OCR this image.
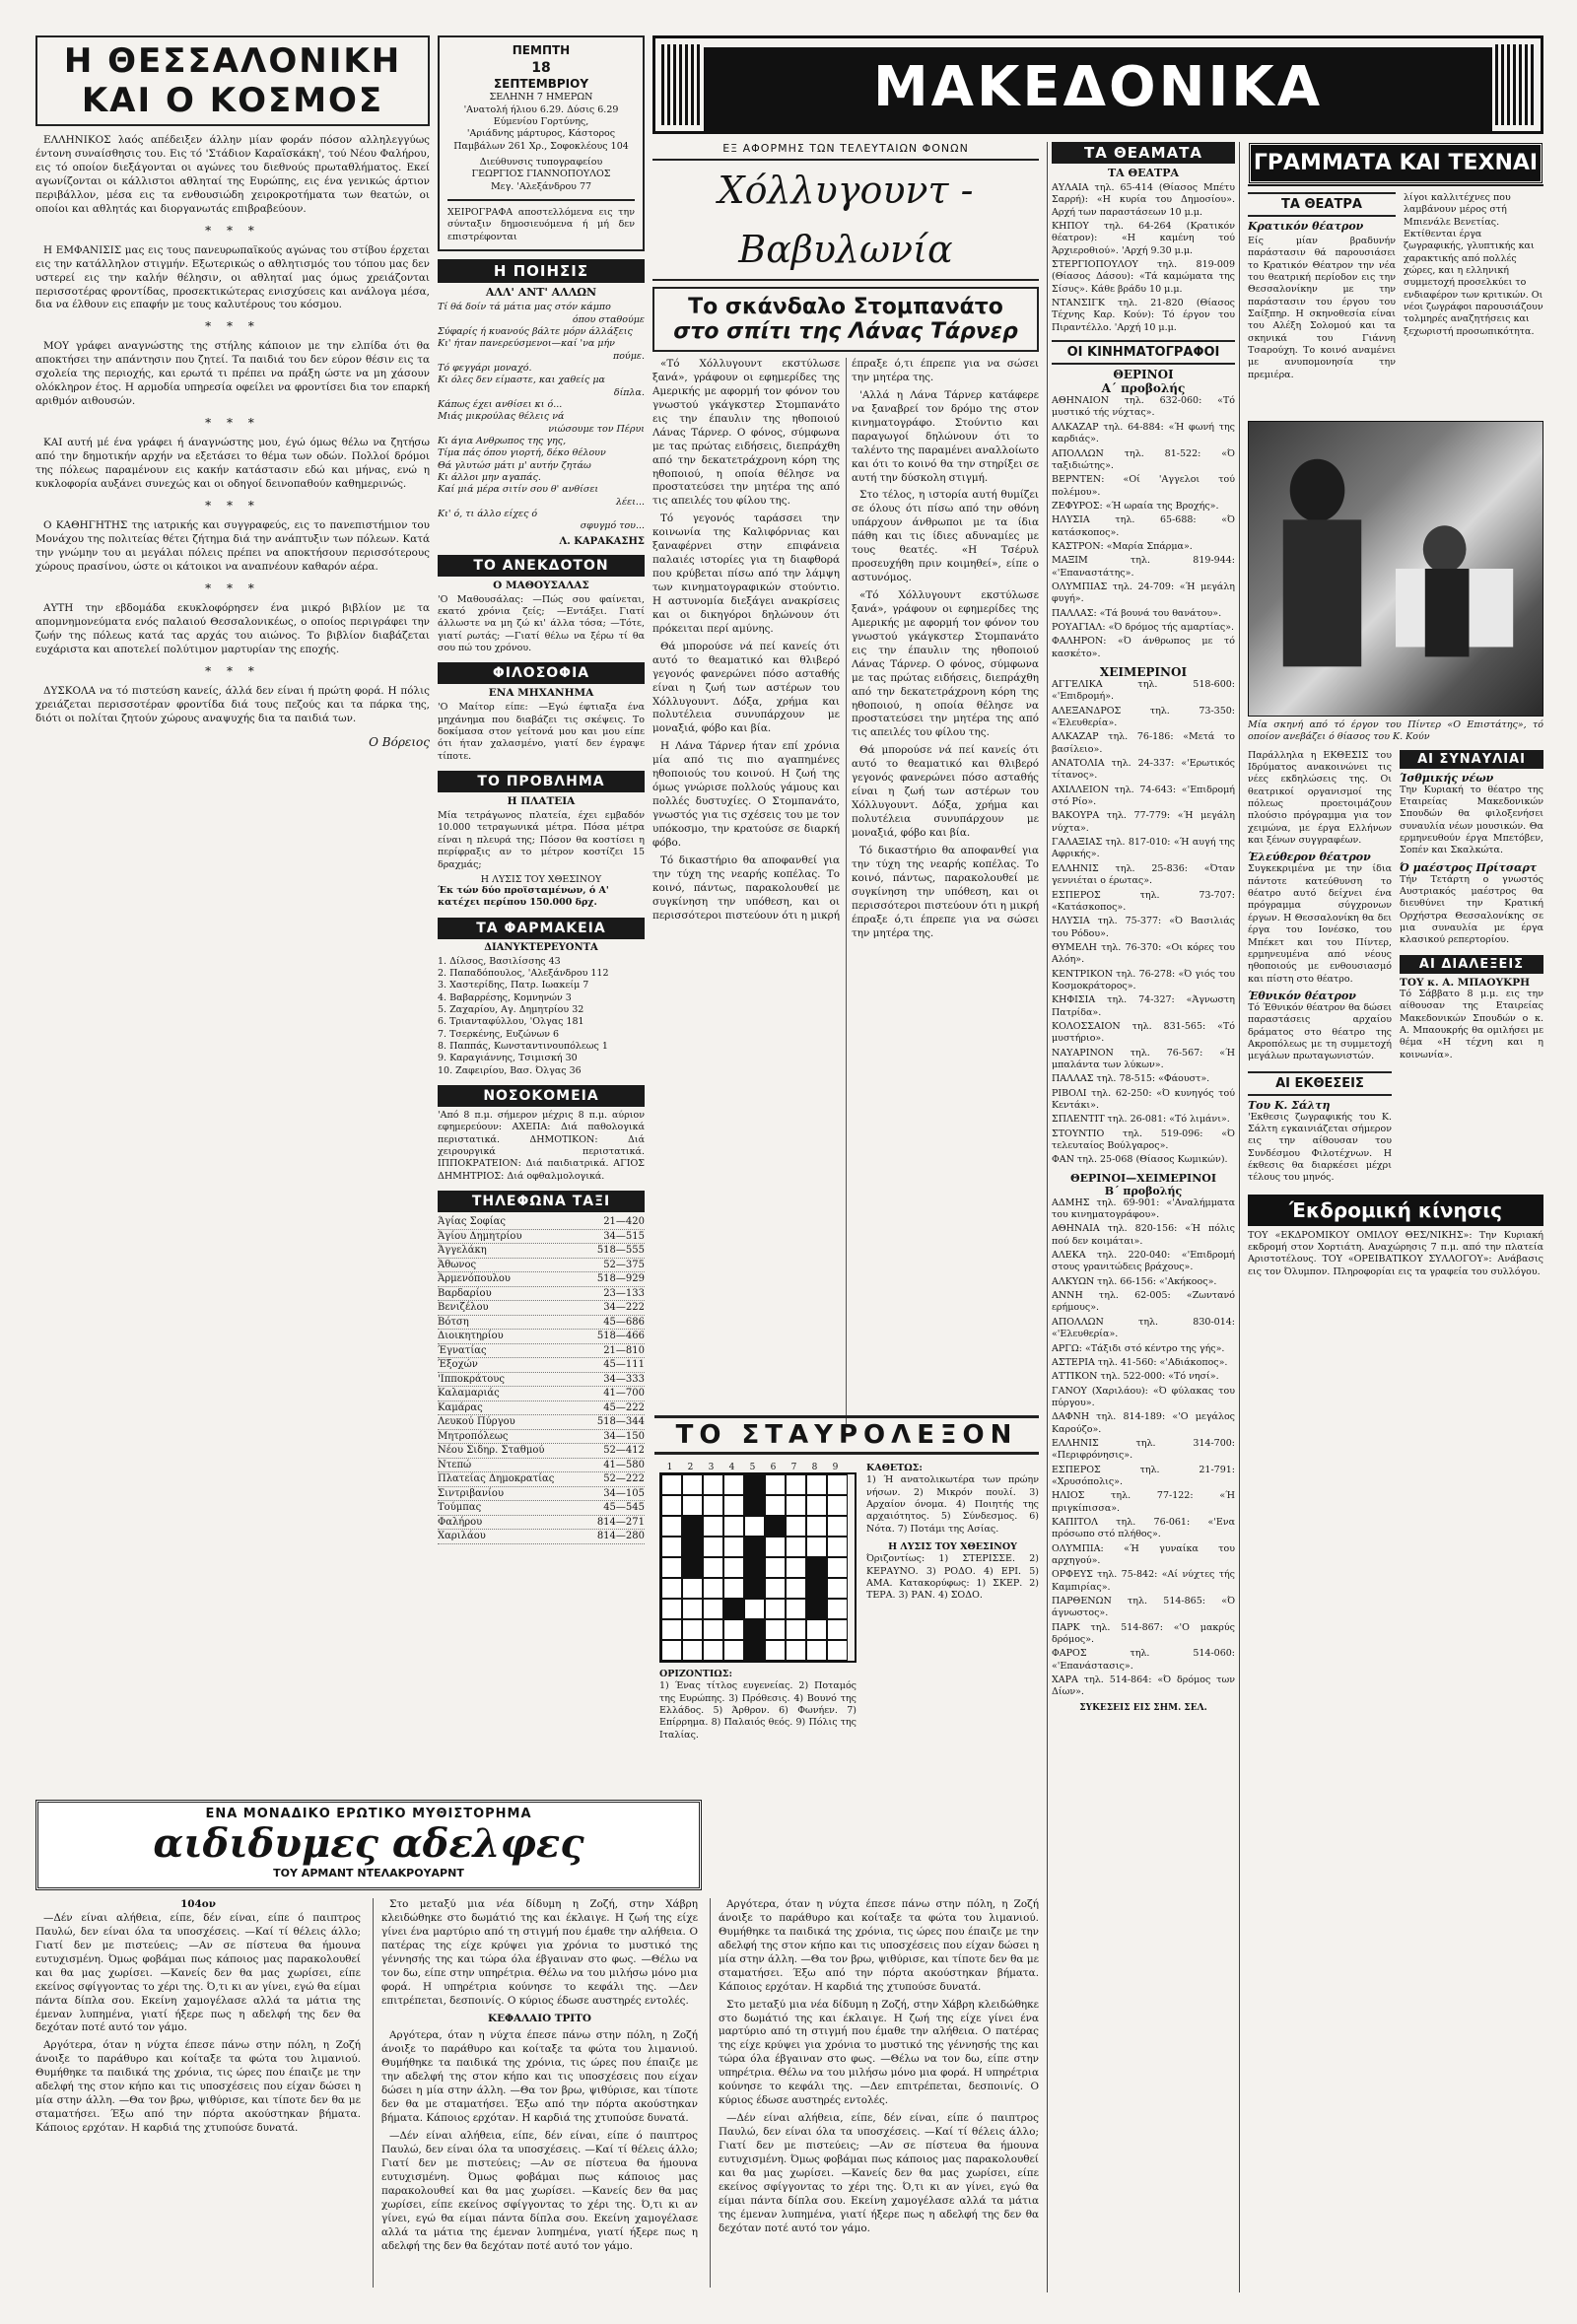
Η ΘΕΣΣΑΛΟΝΙΚΗ
ΚΑΙ Ο ΚΟΣΜΟΣ

ΕΛΛΗΝΙΚΟΣ λαός απέδειξεν άλλην μίαν φοράν πόσον αλληλεγγύως έντονη συναίσθησις του. Εις τό 'Στάδιον Καραϊσκάκη', τού Νέου Φαλήρου, εις τό οποίον διεξάγονται οι αγώνες του διεθνούς πρωταθλήματος. Εκεί αγωνίζονται οι κάλλιστοι αθληταί της Ευρώπης, εις ένα γενικώς άρτιον περιβάλλον, μέσα εις τα ενθουσιώδη χειροκροτήματα των θεατών, οι οποίοι και αθλητάς και διοργανωτάς επιβραβεύουν.

* * *

Η ΕΜΦΑΝΙΣΙΣ μας εις τους πανευρωπαϊκούς αγώνας του στίβου έρχεται εις την κατάλληλον στιγμήν. Εξωτερικώς ο αθλητισμός του τόπου μας δεν υστερεί εις την καλήν θέλησιν, οι αθληταί μας όμως χρειάζονται περισσοτέρας φροντίδας, προσεκτικώτερας ενισχύσεις και ανάλογα μέσα, δια να έλθουν εις επαφήν με τους καλυτέρους του κόσμου.

* * *

ΜΟΥ γράφει αναγνώστης της στήλης κάποιον με την ελπίδα ότι θα αποκτήσει την απάντησιν που ζητεί. Τα παιδιά του δεν εύρον θέσιν εις τα σχολεία της περιοχής, και ερωτά τι πρέπει να πράξη ώστε να μη χάσουν ολόκληρον έτος. Η αρμοδία υπηρεσία οφείλει να φροντίσει δια τον επαρκή αριθμόν αιθουσών.

* * *

ΚΑΙ αυτή μέ ένα γράφει ή άναγνώστης μου, έγώ όμως θέλω να ζητήσω από την δημοτικήν αρχήν να εξετάσει το θέμα των οδών. Πολλοί δρόμοι της πόλεως παραμένουν εις κακήν κατάστασιν εδώ και μήνας, ενώ η κυκλοφορία αυξάνει συνεχώς και οι οδηγοί δεινοπαθούν καθημερινώς.

* * *

Ο ΚΑΘΗΓΗΤΗΣ της ιατρικής και συγγραφεύς, εις το πανεπιστήμιον του Μονάχου της πολιτείας θέτει ζήτημα διά την ανάπτυξιν των πόλεων. Κατά την γνώμην του αι μεγάλαι πόλεις πρέπει να αποκτήσουν περισσότερους χώρους πρασίνου, ώστε οι κάτοικοι να αναπνέουν καθαρόν αέρα.

* * *

ΑΥΤΗ την εβδομάδα εκυκλοφόρησεν ένα μικρό βιβλίον με τα απομνημονεύματα ενός παλαιού Θεσσαλονικέως, ο οποίος περιγράφει την ζωήν της πόλεως κατά τας αρχάς του αιώνος. Το βιβλίον διαβάζεται ευχάριστα και αποτελεί πολύτιμον μαρτυρίαν της εποχής.

* * *

ΔΥΣΚΟΛΑ να τό πιστεύση κανείς, άλλά δεν είναι ή πρώτη φορά. Η πόλις χρειάζεται περισσοτέραν φροντίδα διά τους πεζούς και τα πάρκα της, διότι οι πολίται ζητούν χώρους αναψυχής δια τα παιδιά των.

Ο Βόρειος
ΠΕΜΠΤΗ
18
ΣΕΠΤΕΜΒΡΙΟΥ
ΣΕΛΗΝΗ 7 ΗΜΕΡΩΝ
'Ανατολή ήλιου 6.29. Δύσις 6.29
Εύμενίου Γορτύνης,
'Αριάδνης μάρτυρος, Κάστορος
Παμβάλων 261 Χρ., Σοφοκλέους 104
Διεύθυνσις τυπογραφείου
ΓΕΩΡΓΙΟΣ ΓΙΑΝΝΟΠΟΥΛΟΣ
Μεγ. 'Αλεξάνδρου 77
ΧΕΙΡΟΓΡΑΦΑ αποστελλόμενα εις την σύνταξιν δημοσιευόμενα ή μή δεν επιστρέφονται
Η ΠΟΙΗΣΙΣ
ΑΛΛ' ΑΝΤ' ΑΛΛΩΝ
Τί θά δοίν τά μάτια μας στόν κάμπο
όπου σταθούμε
Σύφαρίς ή κυανούς βάλτε μόρν άλλάξεις
Κι' ήταν πανερεύσμενοι—καί 'να μήν
πούμε.
Τό φεγγάρι μοναχό.
Κι όλες δεν είμαστε, και χαθείς μα
δίπλα.
Κάπως έχει ανθίσει κι ό...
Μιάς μικρούλας θέλεις νά
νιώσουμε τον Πέρυι
Κι άγια Ανθρωπος της γης,
Τίμα πάς όπου γιορτή, δέκο θέλουν
Θά γλυτώσ μάτι μ' αυτήν ζητάω
Κι άλλοι μην αγαπάς.
Καί μιά μέρα σιτίν σου θ' ανθίσει
λέει...
Κι' ό, τι άλλο είχες ό
σφυγμό του...
Λ. ΚΑΡΑΚΑΣΗΣ
ΤΟ ΑΝΕΚΔΟΤΟΝ
Ο ΜΑΘΟΥΣΑΛΑΣ
'Ο Μαθουσάλας: —Πώς σου φαίνεται, εκατό χρόνια ζείς; —Εντάξει. Γιατί άλλωστε να μη ζώ κι' άλλα τόσα; —Τότε, γιατί ρωτάς; —Γιατί θέλω να ξέρω τί θα σου πώ του χρόνου.
ΦΙΛΟΣΟΦΙΑ
ΕΝΑ ΜΗΧΑΝΗΜΑ
'Ο Μαίτορ είπε: —Εγώ έφτιαξα ένα μηχάνημα που διαβάζει τις σκέψεις. Το δοκίμασα στον γείτονά μου και μου είπε ότι ήταν χαλασμένο, γιατί δεν έγραψε τίποτε.
ΤΟ ΠΡΟΒΛΗΜΑ
Η ΠΛΑΤΕΙΑ
Μία τετράγωνος πλατεία, έχει εμβαδόν 10.000 τετραγωνικά μέτρα. Πόσα μέτρα είναι η πλευρά της; Πόσον θα κοστίσει η περίφραξις αν το μέτρον κοστίζει 15 δραχμάς;
Η ΛΥΣΙΣ ΤΟΥ ΧΘΕΣΙΝΟΥ
Έκ τών δύο προϊσταμένων, ό Α' κατέχει περίπου 150.000 δρχ.
ΤΑ ΦΑΡΜΑΚΕΙΑ
ΔΙΑΝΥΚΤΕΡΕΥΟΝΤΑ
1. Δίλσος, Βασιλίσσης 43
2. Παπαδόπουλος, 'Αλεξάνδρου 112
3. Χαστερίδης, Πατρ. Ιωακείμ 7
4. Βαβαρρέσης, Κομνηνών 3
5. Ζαχαρίου, Αγ. Δημητρίου 32
6. Τριανταφύλλου, 'Ολγας 181
7. Τσερκένης, Ευζώνων 6
8. Παππάς, Κωνσταντινουπόλεως 1
9. Καραγιάννης, Τσιμισκή 30
10. Ζαφειρίου, Βασ. Όλγας 36
ΝΟΣΟΚΟΜΕΙΑ
'Από 8 π.μ. σήμερον μέχρις 8 π.μ. αύριον εφημερεύουν: ΑΧΕΠΑ: Διά παθολογικά περιστατικά. ΔΗΜΟΤΙΚΟΝ: Διά χειρουργικά περιστατικά. ΙΠΠΟΚΡΑΤΕΙΟΝ: Διά παιδιατρικά. ΑΓΙΟΣ ΔΗΜΗΤΡΙΟΣ: Διά οφθαλμολογικά.
ΤΗΛΕΦΩΝΑ ΤΑΞΙ
Άγίας Σοφίας	21—420
Άγίου Δημητρίου	34—515
Άγγελάκη	518—555
Άθωνος	52—375
Άρμενόπουλου	518—929
Βαρδαρίου	23—133
Βενιζέλου	34—222
Βότση	45—686
Διοικητηρίου	518—466
Έγνατίας	21—810
Έξοχών	45—111
'Ιπποκράτους	34—333
Καλαμαριάς	41—700
Καμάρας	45—222
Λευκού Πύργου	518—344
Μητροπόλεως	34—150
Νέου Σιδηρ. Σταθμού	52—412
Ντεπώ	41—580
Πλατείας Δημοκρατίας	52—222
Σιντριβανίου	34—105
Τούμπας	45—545
Φαλήρου	814—271
Χαριλάου	814—280
ΜΑΚΕΔΟΝΙΚΑ
ΕΞ ΑΦΟΡΜΗΣ ΤΩΝ ΤΕΛΕΥΤΑΙΩΝ ΦΟΝΩΝ
Χόλλυγουντ - Βαβυλωνία
Το σκάνδαλο Στομπανάτο
στο σπίτι της Λάνας Τάρνερ

«Τό Χόλλυγουντ εκστύλωσε ξανά», γράφουν οι εφημερίδες της Αμερικής με αφορμή τον φόνον του γνωστού γκάγκστερ Στομπανάτο εις την έπαυλιν της ηθοποιού Λάνας Τάρνερ. Ο φόνος, σύμφωνα με τας πρώτας ειδήσεις, διεπράχθη από την δεκατετράχρονη κόρη της ηθοποιού, η οποία θέλησε να προστατεύσει την μητέρα της από τις απειλές του φίλου της.

Τό γεγονός ταράσσει την κοινωνία της Καλιφόρνιας και ξαναφέρνει στην επιφάνεια παλαιές ιστορίες για τη διαφθορά που κρύβεται πίσω από την λάμψη των κινηματογραφικών στούντιο. Η αστυνομία διεξάγει ανακρίσεις και οι δικηγόροι δηλώνουν ότι πρόκειται περί αμύνης.

Θά μπορούσε νά πεί κανείς ότι αυτό το θεαματικό και θλιβερό γεγονός φανερώνει πόσο ασταθής είναι η ζωή των αστέρων του Χόλλυγουντ. Δόξα, χρήμα και πολυτέλεια συνυπάρχουν με μοναξιά, φόβο και βία.

Η Λάνα Τάρνερ ήταν επί χρόνια μία από τις πιο αγαπημένες ηθοποιούς του κοινού. Η ζωή της όμως γνώρισε πολλούς γάμους και πολλές δυστυχίες. Ο Στομπανάτο, γνωστός για τις σχέσεις του με τον υπόκοσμο, την κρατούσε σε διαρκή φόβο.

Τό δικαστήριο θα αποφανθεί για την τύχη της νεαρής κοπέλας. Το κοινό, πάντως, παρακολουθεί με συγκίνηση την υπόθεση, και οι περισσότεροι πιστεύουν ότι η μικρή έπραξε ό,τι έπρεπε για να σώσει την μητέρα της.

'Αλλά η Λάνα Τάρνερ κατάφερε να ξαναβρεί τον δρόμο της στον κινηματογράφο. Στούντιο και παραγωγοί δηλώνουν ότι το ταλέντο της παραμένει αναλλοίωτο και ότι το κοινό θα την στηρίξει σε αυτή την δύσκολη στιγμή.

Στο τέλος, η ιστορία αυτή θυμίζει σε όλους ότι πίσω από την οθόνη υπάρχουν άνθρωποι με τα ίδια πάθη και τις ίδιες αδυναμίες με τους θεατές. «Η Τσέρυλ προσευχήθη πριν κοιμηθεί», είπε ο αστυνόμος.

«Τό Χόλλυγουντ εκστύλωσε ξανά», γράφουν οι εφημερίδες της Αμερικής με αφορμή τον φόνον του γνωστού γκάγκστερ Στομπανάτο εις την έπαυλιν της ηθοποιού Λάνας Τάρνερ. Ο φόνος, σύμφωνα με τας πρώτας ειδήσεις, διεπράχθη από την δεκατετράχρονη κόρη της ηθοποιού, η οποία θέλησε να προστατεύσει την μητέρα της από τις απειλές του φίλου της.

Θά μπορούσε νά πεί κανείς ότι αυτό το θεαματικό και θλιβερό γεγονός φανερώνει πόσο ασταθής είναι η ζωή των αστέρων του Χόλλυγουντ. Δόξα, χρήμα και πολυτέλεια συνυπάρχουν με μοναξιά, φόβο και βία.

Τό δικαστήριο θα αποφανθεί για την τύχη της νεαρής κοπέλας. Το κοινό, πάντως, παρακολουθεί με συγκίνηση την υπόθεση, και οι περισσότεροι πιστεύουν ότι η μικρή έπραξε ό,τι έπρεπε για να σώσει την μητέρα της.

ΤΟ ΣΤΑΥΡΟΛΕΞΟΝ
1	2	3	4	5	6	7	8	9
ΟΡΙΖΟΝΤΙΩΣ:
1) Ένας τίτλος ευγενείας. 2) Ποταμός της Ευρώπης. 3) Πρόθεσις. 4) Βουνό της Ελλάδος. 5) Άρθρον. 6) Φωνήεν. 7) Επίρρημα. 8) Παλαιός θεός. 9) Πόλις της Ιταλίας.
ΚΑΘΕΤΩΣ:
1) Ή ανατολικωτέρα των πρώην νήσων. 2) Μικρόν πουλί. 3) Αρχαίον όνομα. 4) Ποιητής της αρχαιότητος. 5) Σύνδεσμος. 6) Νότα. 7) Ποτάμι της Ασίας.
Η ΛΥΣΙΣ ΤΟΥ ΧΘΕΣΙΝΟΥ
Όριζοντίως: 1) ΣΤΕΡΙΣΣΕ. 2) ΚΕΡΑΥΝΟ. 3) ΡΟΔΟ. 4) ΕΡΙ. 5) ΑΜΑ. Κατακορύφως: 1) ΣΚΕΡ. 2) ΤΕΡΑ. 3) ΡΑΝ. 4) ΣΟΔΟ.
ΤΑ ΘΕΑΜΑΤΑ
ΤΑ ΘΕΑΤΡΑ
ΑΥΛΑΙΑ τηλ. 65-414 (Θίασος Μπέτυ Σαρρή): «Η κυρία του Δημοσίου». Αρχή των παραστάσεων 10 μ.μ.
ΚΗΠΟΥ τηλ. 64-264 (Κρατικόν θέατρον): «Η καμένη τού Άρχιεροθιού». 'Αρχή 9.30 μ.μ.
ΣΤΕΡΓΙΟΠΟΥΛΟΥ τηλ. 819-009 (Θίασος Δάσου): «Τά καμώματα της Σίσυς». Κάθε βράδυ 10 μ.μ.
ΝΤΑΝΣΙΓΚ τηλ. 21-820 (Θίασος Τέχνης Καρ. Κούν): Τό έργον του Πιραντέλλο. 'Αρχή 10 μ.μ.
ΟΙ ΚΙΝΗΜΑΤΟΓΡΑΦΟΙ
ΘΕΡΙΝΟΙ
Α΄ προβολής
ΑΘΗΝΑΙΟΝ τηλ. 632-060: «Τό μυστικό τής νύχτας».
ΑΛΚΑΖΑΡ τηλ. 64-884: «Ή φωνή της καρδιάς».
ΑΠΟΛΛΩΝ τηλ. 81-522: «Ό ταξιδιώτης».
ΒΕΡΝΤΕΝ: «Οί 'Αγγελοι τού πολέμου».
ΖΕΦΥΡΟΣ: «Ή ωραία της Βροχής».
ΗΛΥΣΙΑ τηλ. 65-688: «Ό κατάσκοπος».
ΚΑΣΤΡΟΝ: «Μαρία Σπάρμα».
ΜΑΞΙΜ τηλ. 819-944: «'Επαναστάτης».
ΟΛΥΜΠΙΑΣ τηλ. 24-709: «Ή μεγάλη φυγή».
ΠΑΛΛΑΣ: «Τά βουνά του θανάτου».
ΡΟΥΑΓΙΑΛ: «Ό δρόμος τής αμαρτίας».
ΦΑΛΗΡΟΝ: «Ό άνθρωπος με τό κασκέτο».
ΧΕΙΜΕΡΙΝΟΙ
ΑΓΓΕΛΙΚΑ τηλ. 518-600: «'Επιδρομή».
ΑΛΕΞΑΝΔΡΟΣ τηλ. 73-350: «Έλευθερία».
ΑΛΚΑΖΑΡ τηλ. 76-186: «Μετά το βασίλειο».
ΑΝΑΤΟΛΙΑ τηλ. 24-337: «'Ερωτικός τίτανος».
ΑΧΙΛΛΕΙΟΝ τηλ. 74-643: «'Επιδρομή στό Ρίο».
ΒΑΚΟΥΡΑ τηλ. 77-779: «Ή μεγάλη νύχτα».
ΓΑΛΑΞΙΑΣ τηλ. 817-010: «Ή αυγή της Αφρικής».
ΕΛΛΗΝΙΣ τηλ. 25-836: «Όταν γεννιέται ο έρωτας».
ΕΣΠΕΡΟΣ τηλ. 73-707: «Κατάσκοπος».
ΗΛΥΣΙΑ τηλ. 75-377: «Ό Βασιλιάς του Ρόδου».
ΘΥΜΕΛΗ τηλ. 76-370: «Οι κόρες του Αλόη».
ΚΕΝΤΡΙΚΟΝ τηλ. 76-278: «Ό γιός του Κοσμοκράτορος».
ΚΗΦΙΣΙΑ τηλ. 74-327: «Άγνωστη Πατρίδα».
ΚΟΛΟΣΣΑΙΟΝ τηλ. 831-565: «Τό μυστήριο».
ΝΑΥΑΡΙΝΟΝ τηλ. 76-567: «Ή μπαλάντα των λύκων».
ΠΑΛΛΑΣ τηλ. 78-515: «Φάουστ».
ΡΙΒΟΛΙ τηλ. 62-250: «Ό κυνηγός τού Κεντάκι».
ΣΠΛΕΝΤΙΤ τηλ. 26-081: «Τό λιμάνι».
ΣΤΟΥΝΤΙΟ τηλ. 519-096: «Ό τελευταίος Βούλγαρος».
ΦΑΝ τηλ. 25-068 (Θίασος Κωμικών).
ΘΕΡΙΝΟΙ—ΧΕΙΜΕΡΙΝΟΙ
Β΄ προβολής
ΑΔΜΗΣ τηλ. 69-901: «'Αναλήμματα του κινηματογράφου».
ΑΘΗΝΑΙΑ τηλ. 820-156: «Ή πόλις πού δεν κοιμάται».
ΑΛΕΚΑ τηλ. 220-040: «'Επιδρομή στους γρανιτώδεις βράχους».
ΑΛΚΥΩΝ τηλ. 66-156: «'Ακήκοος».
ΑΝΝΗ τηλ. 62-005: «Ζωντανό ερήμους».
ΑΠΟΛΛΩΝ τηλ. 830-014: «'Ελευθερία».
ΑΡΓΩ: «Τάξιδι στό κέντρο της γής».
ΑΣΤΕΡΙΑ τηλ. 41-560: «'Αδιάκοπος».
ΑΤΤΙΚΟΝ τηλ. 522-000: «Τό νησί».
ΓΑΝΟΥ (Χαριλάου): «Ό φύλακας του πύργου».
ΔΑΦΝΗ τηλ. 814-189: «'Ο μεγάλος Καρούζο».
ΕΛΛΗΝΙΣ τηλ. 314-700: «Περιφρόνησις».
ΕΣΠΕΡΟΣ τηλ. 21-791: «Χρυσόπολις».
ΗΛΙΟΣ τηλ. 77-122: «Ή πριγκίπισσα».
ΚΑΠΙΤΟΛ τηλ. 76-061: «'Ενα πρόσωπο στό πλήθος».
ΟΛΥΜΠΙΑ: «Ή γυναίκα του αρχηγού».
ΟΡΦΕΥΣ τηλ. 75-842: «Αί νύχτες τής Καμπιρίας».
ΠΑΡΘΕΝΩΝ τηλ. 514-865: «Ό άγνωστος».
ΠΑΡΚ τηλ. 514-867: «'Ο μακρύς δρόμος».
ΦΑΡΟΣ τηλ. 514-060: «'Επανάστασις».
ΧΑΡΑ τηλ. 514-864: «Ό δρόμος των Δίων».
ΣΥΚΕΣΕΙΣ ΕΙΣ ΣΗΜ. ΣΕΛ.
ΓΡΑΜΜΑΤΑ ΚΑΙ ΤΕΧΝΑΙ
ΤΑ ΘΕΑΤΡΑ
Κρατικόν θέατρον
Είς μίαν βραδυνήν παράστασιν θά παρουσιάσει το Κρατικόν Θέατρον την νέα του θεατρική περίοδον εις την Θεσσαλονίκην με την παράστασιν του έργου του Σαίξπηρ. Η σκηνοθεσία είναι του Αλέξη Σολομού και τα σκηνικά του Γιάννη Τσαρούχη. Το κοινό αναμένει με ανυπομονησία την πρεμιέρα.
λίγοι καλλιτέχνες που λαμβάνουν μέρος στή Μπιενάλε Βενετίας. Εκτίθενται έργα ζωγραφικής, γλυπτικής και χαρακτικής από πολλές χώρες, και η ελληνική συμμετοχή προσελκύει το ενδιαφέρον των κριτικών. Οι νέοι ζωγράφοι παρουσιάζουν τολμηρές αναζητήσεις και ξεχωριστή προσωπικότητα.
Μία σκηνή από τό έργον του Πίντερ «Ο Επιστάτης», τό οποίον ανεβάζει ό θίασος του Κ. Κούν
Παράλληλα η ΕΚΘΕΣΙΣ του Ιδρύματος ανακοινώνει τις νέες εκδηλώσεις της. Οι θεατρικοί οργανισμοί της πόλεως προετοιμάζουν πλούσιο πρόγραμμα για τον χειμώνα, με έργα Ελλήνων και ξένων συγγραφέων.
Έλεύθερον θέατρον
Συγκεκριμένα με την ίδια πάντοτε κατεύθυνση το θέατρο αυτό δείχνει ένα πρόγραμμα σύγχρονων έργων. Η Θεσσαλονίκη θα δει έργα του Ιονέσκο, του Μπέκετ και του Πίντερ, ερμηνευμένα από νέους ηθοποιούς με ενθουσιασμό και πίστη στο θέατρο.
Έθνικόν θέατρον
Τό Έθνικόν θέατρον θα δώσει παραστάσεις αρχαίου δράματος στο θέατρο της Ακροπόλεως με τη συμμετοχή μεγάλων πρωταγωνιστών.
ΑΙ ΕΚΘΕΣΕΙΣ
Του Κ. Σάλτη
'Εκθεσις ζωγραφικής του Κ. Σάλτη εγκαινιάζεται σήμερον εις την αίθουσαν του Συνδέσμου Φιλοτέχνων. Η έκθεσις θα διαρκέσει μέχρι τέλους του μηνός.
ΑΙ ΣΥΝΑΥΛΙΑΙ
Ίσθμικής νέων
Την Κυριακή το θέατρο της Εταιρείας Μακεδονικών Σπουδών θα φιλοξενήσει συναυλία νέων μουσικών. Θα ερμηνευθούν έργα Μπετόβεν, Σοπέν και Σκαλκώτα.
Ό μαέστρος Πρίτσαρτ
Τήν Τετάρτη ο γνωστός Αυστριακός μαέστρος θα διευθύνει την Κρατική Ορχήστρα Θεσσαλονίκης σε μια συναυλία με έργα κλασικού ρεπερτορίου.
ΑΙ ΔΙΑΛΕΞΕΙΣ
ΤΟΥ κ. Α. ΜΠΑΟΥΚΡΗ
Τό Σάββατο 8 μ.μ. εις την αίθουσαν της Εταιρείας Μακεδονικών Σπουδών ο κ. Α. Μπαουκρής θα ομιλήσει με θέμα «Η τέχνη και η κοινωνία».
Έκδρομική κίνησις
ΤΟΥ «ΕΚΔΡΟΜΙΚΟΥ ΟΜΙΛΟΥ ΘΕΣ/ΝΙΚΗΣ»: Την Κυριακή εκδρομή στον Χορτιάτη. Αναχώρησις 7 π.μ. από την πλατεία Αριστοτέλους. ΤΟΥ «ΟΡΕΙΒΑΤΙΚΟΥ ΣΥΛΛΟΓΟΥ»: Ανάβασις εις τον Όλυμπον. Πληροφορίαι εις τα γραφεία του συλλόγου.
ΕΝΑ ΜΟΝΑΔΙΚΟ ΕΡΩΤΙΚΟ ΜΥΘΙΣΤΟΡΗΜΑ
αιδιδυμες αδελφες
ΤΟΥ ΑΡΜΑΝΤ ΝΤΕΛΑΚΡΟΥΑΡΝΤ
104ον

—Δέν είναι αλήθεια, είπε, δέν είναι, είπε ό παιπτρος Παυλώ, δεν είναι όλα τα υποσχέσεις. —Καί τί θέλεις άλλο; Γιατί δεν με πιστεύεις; —Αν σε πίστευα θα ήμουνα ευτυχισμένη. Όμως φοβάμαι πως κάποιος μας παρακολουθεί και θα μας χωρίσει. —Κανείς δεν θα μας χωρίσει, είπε εκείνος σφίγγοντας το χέρι της. Ό,τι κι αν γίνει, εγώ θα είμαι πάντα δίπλα σου. Εκείνη χαμογέλασε αλλά τα μάτια της έμεναν λυπημένα, γιατί ήξερε πως η αδελφή της δεν θα δεχόταν ποτέ αυτό τον γάμο.

Αργότερα, όταν η νύχτα έπεσε πάνω στην πόλη, η Ζοζή άνοιξε το παράθυρο και κοίταξε τα φώτα του λιμανιού. Θυμήθηκε τα παιδικά της χρόνια, τις ώρες που έπαιζε με την αδελφή της στον κήπο και τις υποσχέσεις που είχαν δώσει η μία στην άλλη. —Θα τον βρω, ψιθύρισε, και τίποτε δεν θα με σταματήσει. Έξω από την πόρτα ακούστηκαν βήματα. Κάποιος ερχόταν. Η καρδιά της χτυπούσε δυνατά.

Στο μεταξύ μια νέα δίδυμη η Ζοζή, στην Χάβρη κλειδώθηκε στο δωμάτιό της και έκλαιγε. Η ζωή της είχε γίνει ένα μαρτύριο από τη στιγμή που έμαθε την αλήθεια. Ο πατέρας της είχε κρύψει για χρόνια το μυστικό της γέννησής της και τώρα όλα έβγαιναν στο φως. —Θέλω να τον δω, είπε στην υπηρέτρια. Θέλω να του μιλήσω μόνο μια φορά. Η υπηρέτρια κούνησε το κεφάλι της. —Δεν επιτρέπεται, δεσποινίς. Ο κύριος έδωσε αυστηρές εντολές.

ΚΕΦΑΛΑΙΟ ΤΡΙΤΟ

Αργότερα, όταν η νύχτα έπεσε πάνω στην πόλη, η Ζοζή άνοιξε το παράθυρο και κοίταξε τα φώτα του λιμανιού. Θυμήθηκε τα παιδικά της χρόνια, τις ώρες που έπαιζε με την αδελφή της στον κήπο και τις υποσχέσεις που είχαν δώσει η μία στην άλλη. —Θα τον βρω, ψιθύρισε, και τίποτε δεν θα με σταματήσει. Έξω από την πόρτα ακούστηκαν βήματα. Κάποιος ερχόταν. Η καρδιά της χτυπούσε δυνατά.

—Δέν είναι αλήθεια, είπε, δέν είναι, είπε ό παιπτρος Παυλώ, δεν είναι όλα τα υποσχέσεις. —Καί τί θέλεις άλλο; Γιατί δεν με πιστεύεις; —Αν σε πίστευα θα ήμουνα ευτυχισμένη. Όμως φοβάμαι πως κάποιος μας παρακολουθεί και θα μας χωρίσει. —Κανείς δεν θα μας χωρίσει, είπε εκείνος σφίγγοντας το χέρι της. Ό,τι κι αν γίνει, εγώ θα είμαι πάντα δίπλα σου. Εκείνη χαμογέλασε αλλά τα μάτια της έμεναν λυπημένα, γιατί ήξερε πως η αδελφή της δεν θα δεχόταν ποτέ αυτό τον γάμο.

Αργότερα, όταν η νύχτα έπεσε πάνω στην πόλη, η Ζοζή άνοιξε το παράθυρο και κοίταξε τα φώτα του λιμανιού. Θυμήθηκε τα παιδικά της χρόνια, τις ώρες που έπαιζε με την αδελφή της στον κήπο και τις υποσχέσεις που είχαν δώσει η μία στην άλλη. —Θα τον βρω, ψιθύρισε, και τίποτε δεν θα με σταματήσει. Έξω από την πόρτα ακούστηκαν βήματα. Κάποιος ερχόταν. Η καρδιά της χτυπούσε δυνατά.

Στο μεταξύ μια νέα δίδυμη η Ζοζή, στην Χάβρη κλειδώθηκε στο δωμάτιό της και έκλαιγε. Η ζωή της είχε γίνει ένα μαρτύριο από τη στιγμή που έμαθε την αλήθεια. Ο πατέρας της είχε κρύψει για χρόνια το μυστικό της γέννησής της και τώρα όλα έβγαιναν στο φως. —Θέλω να τον δω, είπε στην υπηρέτρια. Θέλω να του μιλήσω μόνο μια φορά. Η υπηρέτρια κούνησε το κεφάλι της. —Δεν επιτρέπεται, δεσποινίς. Ο κύριος έδωσε αυστηρές εντολές.

—Δέν είναι αλήθεια, είπε, δέν είναι, είπε ό παιπτρος Παυλώ, δεν είναι όλα τα υποσχέσεις. —Καί τί θέλεις άλλο; Γιατί δεν με πιστεύεις; —Αν σε πίστευα θα ήμουνα ευτυχισμένη. Όμως φοβάμαι πως κάποιος μας παρακολουθεί και θα μας χωρίσει. —Κανείς δεν θα μας χωρίσει, είπε εκείνος σφίγγοντας το χέρι της. Ό,τι κι αν γίνει, εγώ θα είμαι πάντα δίπλα σου. Εκείνη χαμογέλασε αλλά τα μάτια της έμεναν λυπημένα, γιατί ήξερε πως η αδελφή της δεν θα δεχόταν ποτέ αυτό τον γάμο.
